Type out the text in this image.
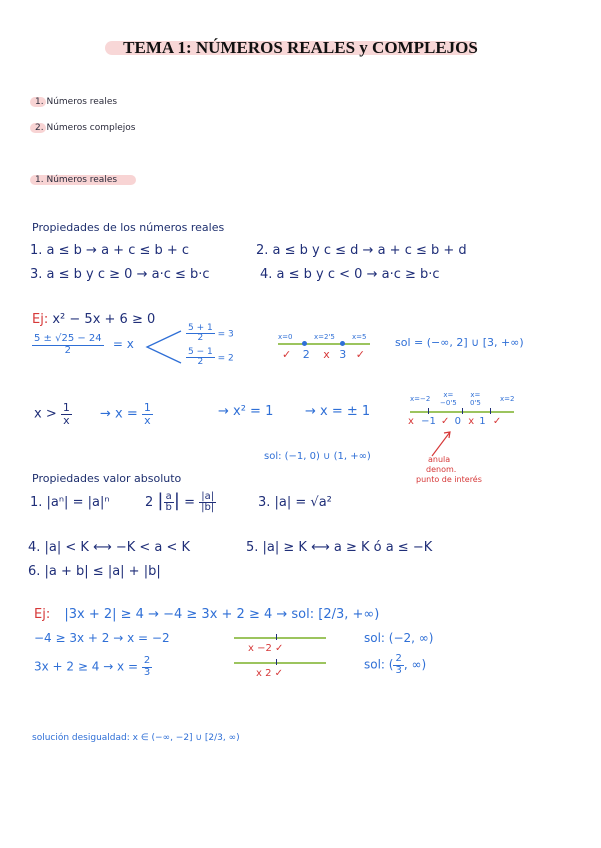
TEMA 1: NÚMEROS REALES y COMPLEJOS
1. Números reales
2. Números complejos
1. Números reales
Propiedades de los números reales
1. a ≤ b → a + c ≤ b + c	2. a ≤ b y c ≤ d → a + c ≤ b + d
3. a ≤ b y c ≥ 0 → a·c ≤ b·c	4. a ≤ b y c < 0 → a·c ≥ b·c
Ej: x² − 5x + 6 ≥ 0
$\frac{5 \pm √25 - 24}{2} = x$
$\frac{5 + 1}{2} = 3$
$\frac{5 - 1}{2} = 2$
x=0	x=2'5 x=5
✓ 2 x 3 ✓
sol = (−∞, 2] ∪ [3, +∞)
$x > \frac{1}{x} \to x = \frac{1}{x}$	→ x² = 1 → x = ± 1
x=−2	x=
−0'5
x=
0'5	x=2
x −1 ✓ 0 x 1 ✓
sol: (−1, 0) ∪ (1, +∞)	anula
denom.
punto de interés
Propiedades valor absoluto
1. |aⁿ| = |a|ⁿ	2 | $\frac{a}{b}$ | = $\frac{|a|}{|b|}$	3. |a| = √a²
4. |a| < K ⟷ −K < a < K	5. |a| ≥ K ⟷ a ≥ K ó a ≤ −K
6. |a + b| ≤ |a| + |b|
Ej: |3x + 2| ≥ 4 → −4 ≥ 3x + 2 ≥ 4 → sol: [2/3, +∞)
−4 ≥ 3x + 2 → x = −2
x −2 ✓
sol: (−2, ∞)
$3x + 2 \ge 4 \to x = \frac{2}{3}$	x 2 ✓
sol: ( $\frac{2}{3}$ , ∞)
solución desigualdad: x ∈ (−∞, −2] ∪ [2/3, ∞)
